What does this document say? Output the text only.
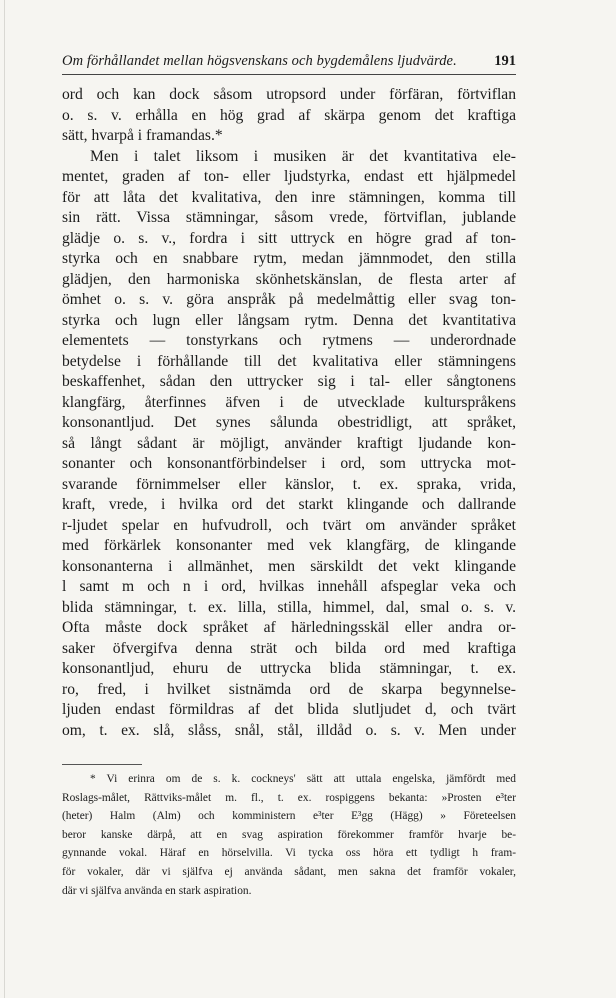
Om förhållandet mellan högsvenskans och bygdemålens ljudvärde.	191
ord och kan dock såsom utropsord under förfäran, förtviflan
o. s. v. erhålla en hög grad af skärpa genom det kraftiga
sätt, hvarpå i framandas.*
Men i talet liksom i musiken är det kvantitativa ele-
mentet, graden af ton- eller ljudstyrka, endast ett hjälpmedel
för att låta det kvalitativa, den inre stämningen, komma till
sin rätt. Vissa stämningar, såsom vrede, förtviflan, jublande
glädje o. s. v., fordra i sitt uttryck en högre grad af ton-
styrka och en snabbare rytm, medan jämnmodet, den stilla
glädjen, den harmoniska skönhetskänslan, de flesta arter af
ömhet o. s. v. göra anspråk på medelmåttig eller svag ton-
styrka och lugn eller långsam rytm. Denna det kvantitativa
elementets — tonstyrkans och rytmens — underordnade
betydelse i förhållande till det kvalitativa eller stämningens
beskaffenhet, sådan den uttrycker sig i tal- eller sångtonens
klangfärg, återfinnes äfven i de utvecklade kulturspråkens
konsonantljud. Det synes sålunda obestridligt, att språket,
så långt sådant är möjligt, använder kraftigt ljudande kon-
sonanter och konsonantförbindelser i ord, som uttrycka mot-
svarande förnimmelser eller känslor, t. ex. spraka, vrida,
kraft, vrede, i hvilka ord det starkt klingande och dallrande
r-ljudet spelar en hufvudroll, och tvärt om använder språket
med förkärlek konsonanter med vek klangfärg, de klingande
konsonanterna i allmänhet, men särskildt det vekt klingande
l samt m och n i ord, hvilkas innehåll afspeglar veka och
blida stämningar, t. ex. lilla, stilla, himmel, dal, smal o. s. v.
Ofta måste dock språket af härledningsskäl eller andra or-
saker öfvergifva denna strät och bilda ord med kraftiga
konsonantljud, ehuru de uttrycka blida stämningar, t. ex.
ro, fred, i hvilket sistnämda ord de skarpa begynnelse-
ljuden endast förmildras af det blida slutljudet d, och tvärt
om, t. ex. slå, slåss, snål, stål, illdåd o. s. v. Men under
* Vi erinra om de s. k. cockneys' sätt att uttala engelska, jämfördt med
Roslags-målet, Rättviks-målet m. fl., t. ex. rospiggens bekanta: »Prosten e³ter
(heter) Halm (Alm) och komministern e³ter E³gg (Hägg) » Företeelsen
beror kanske därpå, att en svag aspiration förekommer framför hvarje be-
gynnande vokal. Häraf en hörselvilla. Vi tycka oss höra ett tydligt h fram-
för vokaler, där vi själfva ej använda sådant, men sakna det framför vokaler,
där vi själfva använda en stark aspiration.
